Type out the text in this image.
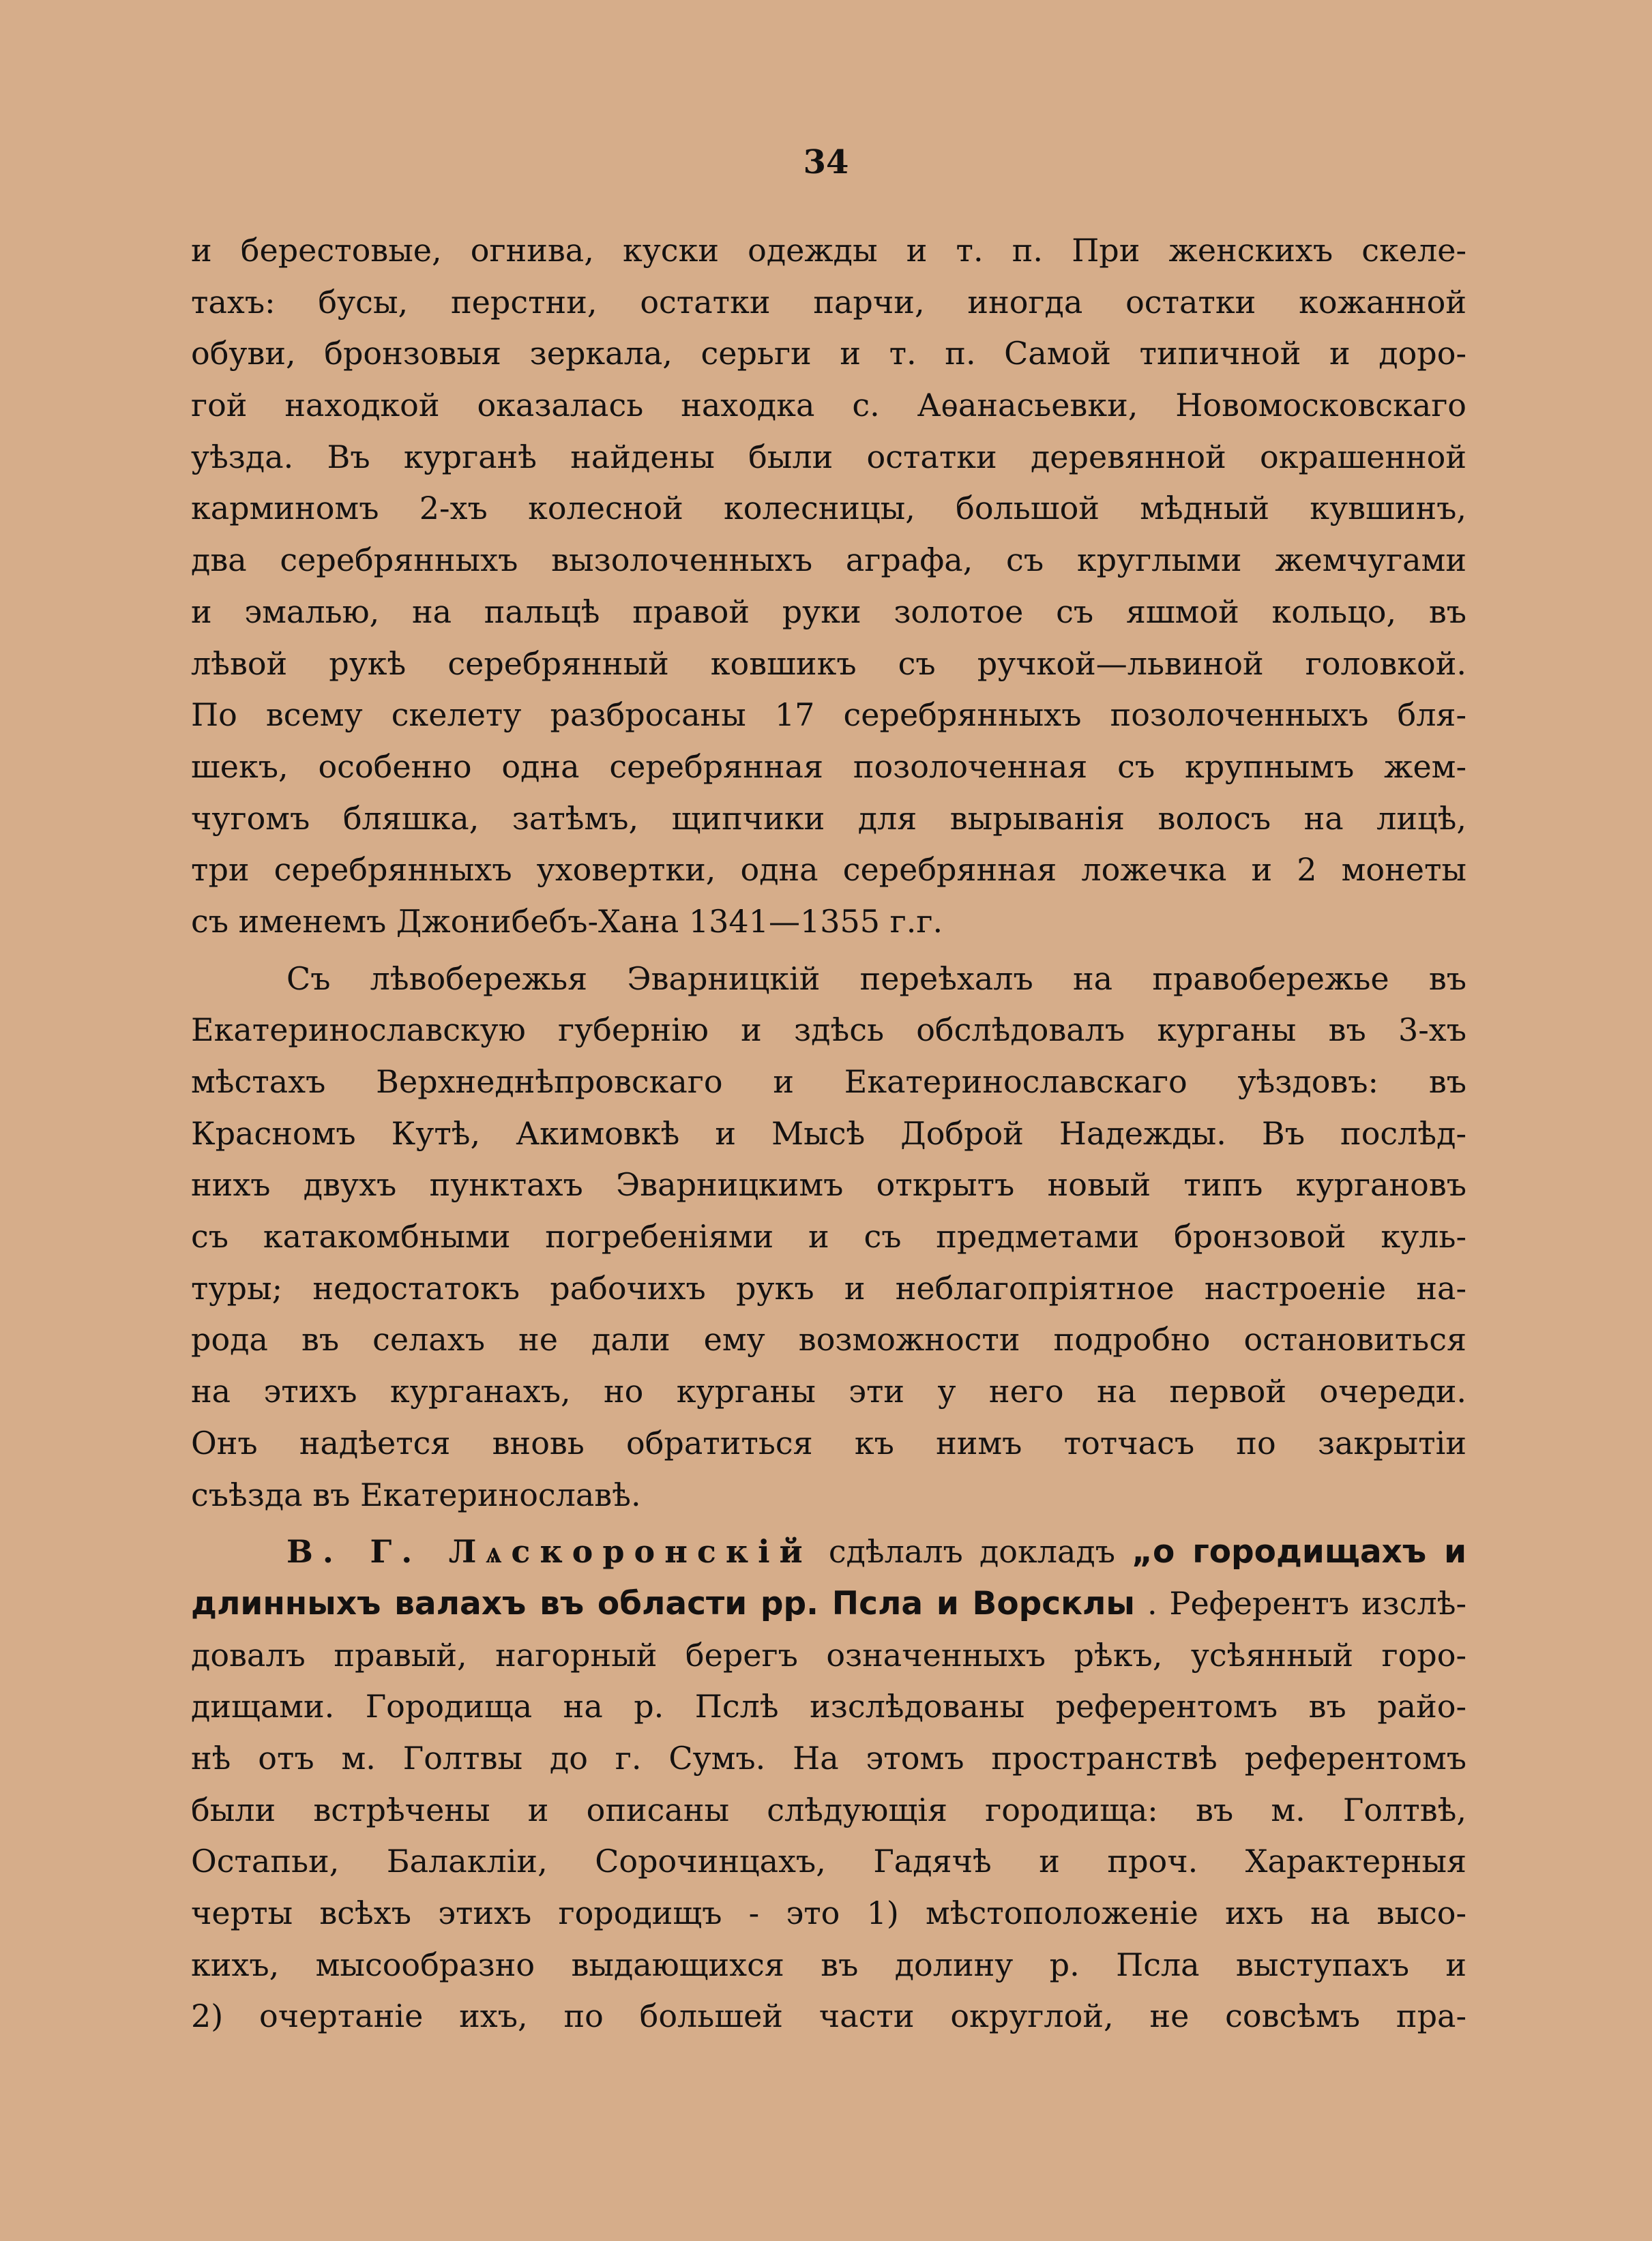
34
и берестовые, огнива, куски одежды и т. п. При женскихъ скеле-
тахъ: бусы, перстни, остатки парчи, иногда остатки кожанной
обуви, бронзовыя зеркала, серьги и т. п. Самой типичной и доро-
гой находкой оказалась находка с. Аѳанасьевки, Новомосковскаго
уѣзда. Въ курганѣ найдены были остатки деревянной окрашенной
карминомъ 2-хъ колесной колесницы, большой мѣдный кувшинъ,
два серебрянныхъ вызолоченныхъ аграфа, съ круглыми жемчугами
и эмалью, на пальцѣ правой руки золотое съ яшмой кольцо, въ
лѣвой рукѣ серебрянный ковшикъ съ ручкой—львиной головкой.
По всему скелету разбросаны 17 серебрянныхъ позолоченныхъ бля-
шекъ, особенно одна серебрянная позолоченная съ крупнымъ жем-
чугомъ бляшка, затѣмъ, щипчики для вырыванія волосъ на лицѣ,
три серебрянныхъ уховертки, одна серебрянная ложечка и 2 монеты
съ именемъ Джонибебъ-Хана 1341—1355 г.г.
Съ лѣвобережья Эварницкій переѣхалъ на правобережье въ
Екатеринославскую губернію и здѣсь обслѣдовалъ курганы въ 3-хъ
мѣстахъ Верхнеднѣпровскаго и Екатеринославскаго уѣздовъ: въ
Красномъ Кутѣ, Акимовкѣ и Мысѣ Доброй Надежды. Въ послѣд-
нихъ двухъ пунктахъ Эварницкимъ открытъ новый типъ кургановъ
съ катакомбными погребеніями и съ предметами бронзовой куль-
туры; недостатокъ рабочихъ рукъ и неблагопріятное настроеніе на-
рода въ селахъ не дали ему возможности подробно остановиться
на этихъ курганахъ, но курганы эти у него на первой очереди.
Онъ надѣется вновь обратиться къ нимъ тотчасъ по закрытіи
съѣзда въ Екатеринославѣ.
В. Г. Лѧскоронскій сдѣлалъ докладъ „о городищахъ и
длинныхъ валахъ въ области рр. Псла и Ворсклы . Референтъ изслѣ-
довалъ правый, нагорный берегъ означенныхъ рѣкъ, усѣянный горо-
дищами. Городища на р. Пслѣ изслѣдованы референтомъ въ райо-
нѣ отъ м. Голтвы до г. Сумъ. На этомъ пространствѣ референтомъ
были встрѣчены и описаны слѣдующія городища: въ м. Голтвѣ,
Остапьи, Балакліи, Сорочинцахъ, Гадячѣ и проч. Характерныя
черты всѣхъ этихъ городищъ - это 1) мѣстоположеніе ихъ на высо-
кихъ, мысообразно выдающихся въ долину р. Псла выступахъ и
2) очертаніе ихъ, по большей части округлой, не совсѣмъ пра-
